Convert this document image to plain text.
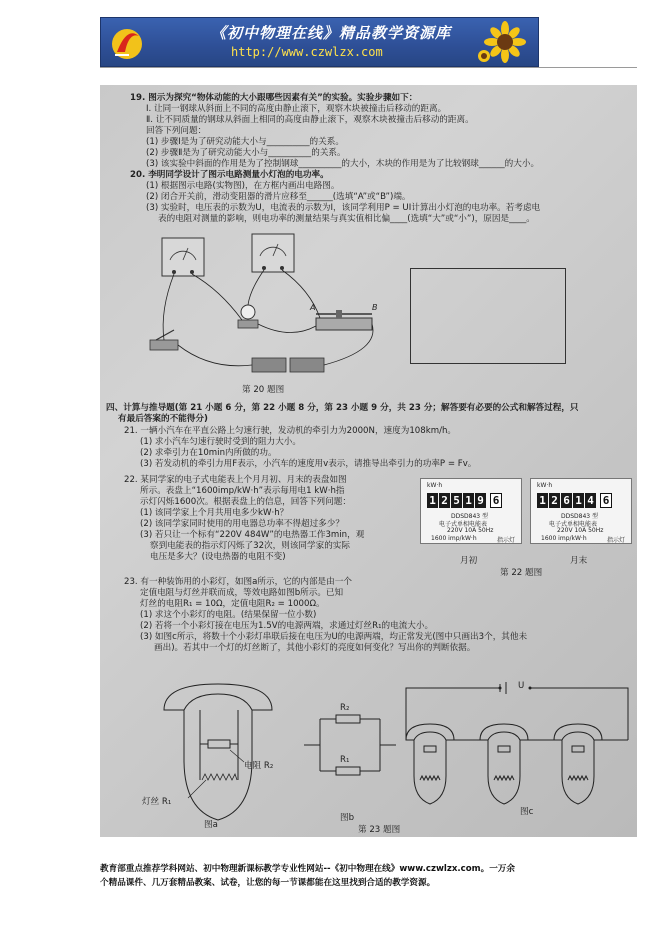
《初中物理在线》精品教学资源库
http://www.czwlzx.com
19. 图示为探究“物体动能的大小跟哪些因素有关”的实验。实验步骤如下：
Ⅰ. 让同一钢球从斜面上不同的高度由静止滚下，观察木块被撞击后移动的距离。
Ⅱ. 让不同质量的钢球从斜面上相同的高度由静止滚下，观察木块被撞击后移动的距离。
回答下列问题：
(1) 步骤Ⅰ是为了研究动能大小与__________的关系。
(2) 步骤Ⅱ是为了研究动能大小与__________的关系。
(3) 该实验中斜面的作用是为了控制钢球__________的大小，木块的作用是为了比较钢球______的大小。
20. 李明同学设计了图示电路测量小灯泡的电功率。
(1) 根据图示电路(实物图)，在方框内画出电路图。
(2) 闭合开关前，滑动变阻器的滑片应移至______(选填“A”或“B”)端。
(3) 实验时，电压表的示数为U，电流表的示数为I，该同学利用P = UI计算出小灯泡的电功率。若考虑电
表的电阻对测量的影响，则电功率的测量结果与真实值相比偏____(选填“大”或“小”)，原因是____。
A	B
第 20 题图
四、计算与推导题(第 21 小题 6 分，第 22 小题 8 分，第 23 小题 9 分，共 23 分；解答要有必要的公式和解答过程，只
有最后答案的不能得分)
21. 一辆小汽车在平直公路上匀速行驶，发动机的牵引力为2000N，速度为108km/h。
(1) 求小汽车匀速行驶时受到的阻力大小。
(2) 求牵引力在10min内所做的功。
(3) 若发动机的牵引力用F表示，小汽车的速度用v表示，请推导出牵引力的功率P = Fv。
22. 某同学家的电子式电能表上个月月初、月末的表盘如图
所示。表盘上“1600imp/kW·h”表示每用电1 kW·h指
示灯闪烁1600次。根据表盘上的信息，回答下列问题：
(1) 该同学家上个月共用电多少kW·h？
(2) 该同学家同时使用的用电器总功率不得超过多少？
(3) 若只让一个标有“220V 484W”的电热器工作3min，观
察到电能表的指示灯闪烁了32次，则该同学家的实际
电压是多大？(设电热器的电阻不变)
kW·h
1 2 5 1 9 6
DDSD843 型
电子式单相电能表
220V 10A 50Hz
1600 imp/kW·h	指示灯
kW·h
1 2 6 1 4 6
DDSD843 型
电子式单相电能表
220V 10A 50Hz
1600 imp/kW·h	指示灯
月初	月末
第 22 题图
23. 有一种装饰用的小彩灯，如图a所示，它的内部是由一个
定值电阻与灯丝并联而成，等效电路如图b所示。已知
灯丝的电阻R₁ = 10Ω，定值电阻R₂ = 1000Ω。
(1) 求这个小彩灯的电阻。(结果保留一位小数)
(2) 若将一个小彩灯接在电压为1.5V的电源两端，求通过灯丝R₁的电流大小。
(3) 如图c所示，将数十个小彩灯串联后接在电压为U的电源两端，均正常发光(图中只画出3个，其他未
画出)。若其中一个灯的灯丝断了，其他小彩灯的亮度如何变化？写出你的判断依据。
电阻 R₂
灯丝 R₁
图a
R₂
R₁
图b
第 23 题图
U
图c
教育部重点推荐学科网站、初中物理新课标教学专业性网站--《初中物理在线》www.czwlzx.com。一万余
个精品课件、几万套精品教案、试卷，让您的每一节课都能在这里找到合适的教学资源。
